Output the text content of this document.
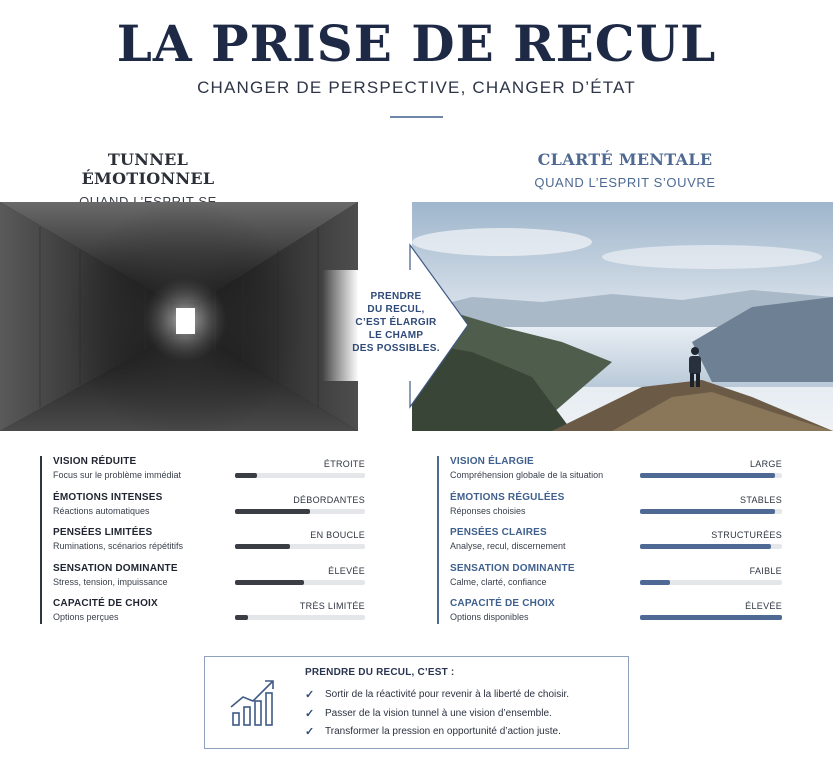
LA PRISE DE RECUL
CHANGER DE PERSPECTIVE, CHANGER D’ÉTAT
TUNNEL ÉMOTIONNEL
CLARTÉ MENTALE
QUAND L’ESPRIT S’OUVRE
PRENDRE
DU RECUL,
C’EST ÉLARGIR
LE CHAMP
DES POSSIBLES.
VISION RÉDUITE
Focus sur le problème immédiat
ÉTROITE
ÉMOTIONS INTENSES
Réactions automatiques
DÉBORDANTES
PENSÉES LIMITÉES
Ruminations, scénarios répétitifs
EN BOUCLE
SENSATION DOMINANTE
Stress, tension, impuissance
ÉLEVÉE
CAPACITÉ DE CHOIX
Options perçues
TRÈS LIMITÉE
VISION ÉLARGIE
Compréhension globale de la situation
LARGE
ÉMOTIONS RÉGULÉES
Réponses choisies
STABLES
PENSÉES CLAIRES
Analyse, recul, discernement
STRUCTURÉES
SENSATION DOMINANTE
Calme, clarté, confiance
FAIBLE
CAPACITÉ DE CHOIX
Options disponibles
ÉLEVÉE
PRENDRE DU RECUL, C’EST :
✓ Sortir de la réactivité pour revenir à la liberté de choisir.
✓ Passer de la vision tunnel à une vision d’ensemble.
✓ Transformer la pression en opportunité d’action juste.
